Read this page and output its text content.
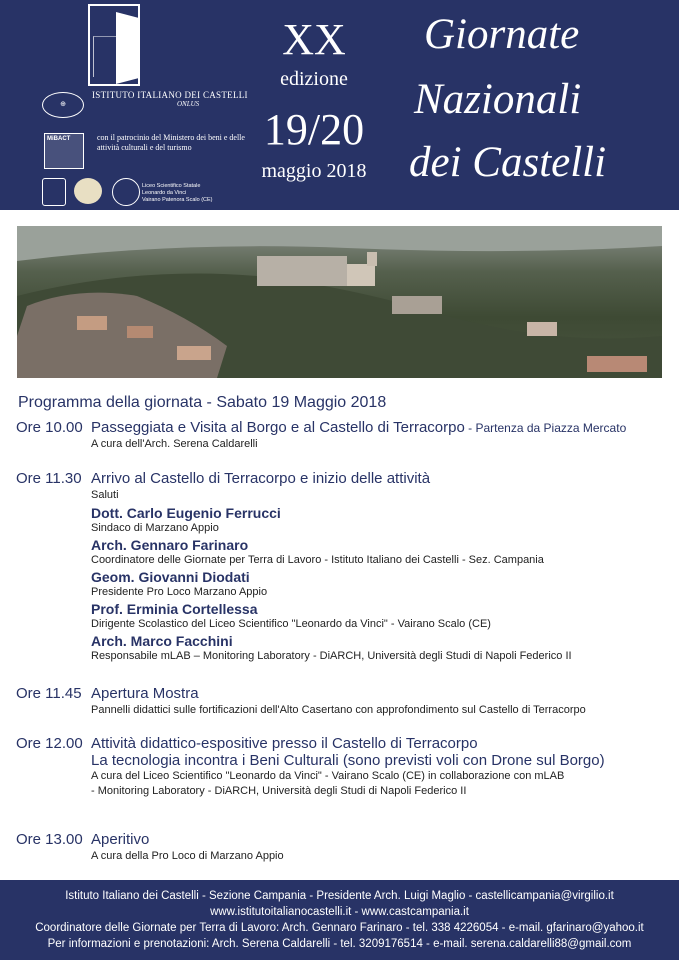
ISTITUTO ITALIANO DEI CASTELLI
ONLUS
⊕
MiBACT	con il patrocinio del Ministero dei beni e delle attività culturali e del turismo
Liceo Scientifico Statale
Leonardo da Vinci
Vairano Patenora Scalo (CE)
XX
edizione
19/20
maggio 2018
Giornate
Nazionali
dei Castelli
Programma della giornata - Sabato 19 Maggio 2018
Ore 10.00 Passeggiata e Visita al Borgo e al Castello di Terracorpo - Partenza da Piazza Mercato
A cura dell'Arch. Serena Caldarelli
Ore 11.30 Arrivo al Castello di Terracorpo e inizio delle attività
Saluti
Dott. Carlo Eugenio Ferrucci
Sindaco di Marzano Appio
Arch. Gennaro Farinaro
Coordinatore delle Giornate per Terra di Lavoro - Istituto Italiano dei Castelli - Sez. Campania
Geom. Giovanni Diodati
Presidente Pro Loco Marzano Appio
Prof. Erminia Cortellessa
Dirigente Scolastico del Liceo Scientifico "Leonardo da Vinci" - Vairano Scalo (CE)
Arch. Marco Facchini
Responsabile mLAB – Monitoring Laboratory - DiARCH, Università degli Studi di Napoli Federico II
Ore 11.45 Apertura Mostra
Pannelli didattici sulle fortificazioni dell'Alto Casertano con approfondimento sul Castello di Terracorpo
Ore 12.00 Attività didattico-espositive presso il Castello di Terracorpo
La tecnologia incontra i Beni Culturali (sono previsti voli con Drone sul Borgo)
A cura del Liceo Scientifico "Leonardo da Vinci" - Vairano Scalo (CE) in collaborazione con mLAB
- Monitoring Laboratory - DiARCH, Università degli Studi di Napoli Federico II
Ore 13.00 Aperitivo
A cura della Pro Loco di Marzano Appio
Istituto Italiano dei Castelli - Sezione Campania - Presidente Arch. Luigi Maglio - castellicampania@virgilio.it
www.istitutoitalianocastelli.it - www.castcampania.it
Coordinatore delle Giornate per Terra di Lavoro: Arch. Gennaro Farinaro - tel. 338 4226054 - e-mail. gfarinaro@yahoo.it
Per informazioni e prenotazioni: Arch. Serena Caldarelli - tel. 3209176514 - e-mail. serena.caldarelli88@gmail.com
